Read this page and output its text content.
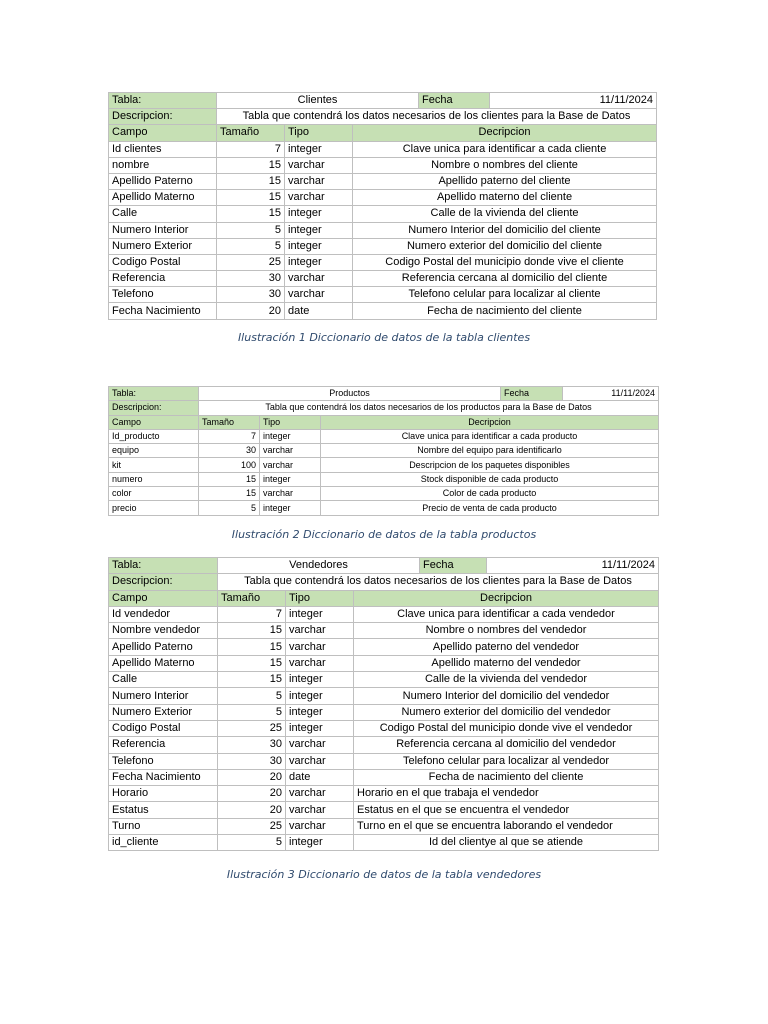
Tabla:	Clientes			Fecha	11/11/2024
Descripcion:	Tabla que contendrá los datos necesarios de los clientes para la Base de Datos				
Campo	Tamaño	Tipo	Decripcion		
Id clientes	7	integer	Clave unica para identificar a cada cliente		
nombre	15	varchar	Nombre o nombres del cliente		
Apellido Paterno	15	varchar	Apellido paterno del cliente		
Apellido Materno	15	varchar	Apellido materno del cliente		
Calle	15	integer	Calle de la vivienda del cliente		
Numero Interior	5	integer	Numero Interior del domicilio del cliente		
Numero Exterior	5	integer	Numero exterior del domicilio del cliente		
Codigo Postal	25	integer	Codigo Postal del municipio donde vive el cliente		
Referencia	30	varchar	Referencia cercana al domicilio del cliente		
Telefono	30	varchar	Telefono celular para localizar al cliente		
Fecha Nacimiento	20	date	Fecha de nacimiento del cliente		
Ilustración 1 Diccionario de datos de la tabla clientes
Tabla:	Productos			Fecha	11/11/2024
Descripcion:	Tabla que contendrá los datos necesarios de los productos para la Base de Datos				
Campo	Tamaño	Tipo	Decripcion		
Id_producto	7	integer	Clave unica para identificar a cada producto		
equipo	30	varchar	Nombre del equipo para identificarlo		
kit	100	varchar	Descripcion de los paquetes disponibles		
numero	15	integer	Stock disponible de cada producto		
color	15	varchar	Color de cada producto		
precio	5	integer	Precio de venta de cada producto		
Ilustración 2 Diccionario de datos de la tabla productos
Tabla:	Vendedores			Fecha	11/11/2024
Descripcion:	Tabla que contendrá los datos necesarios de los clientes para la Base de Datos				
Campo	Tamaño	Tipo	Decripcion		
Id vendedor	7	integer	Clave unica para identificar a cada vendedor		
Nombre vendedor	15	varchar	Nombre o nombres del vendedor		
Apellido Paterno	15	varchar	Apellido paterno del vendedor		
Apellido Materno	15	varchar	Apellido materno del vendedor		
Calle	15	integer	Calle de la vivienda del vendedor		
Numero Interior	5	integer	Numero Interior del domicilio del vendedor		
Numero Exterior	5	integer	Numero exterior del domicilio del vendedor		
Codigo Postal	25	integer	Codigo Postal del municipio donde vive el vendedor		
Referencia	30	varchar	Referencia cercana al domicilio del vendedor		
Telefono	30	varchar	Telefono celular para localizar al vendedor		
Fecha Nacimiento	20	date	Fecha de nacimiento del cliente		
Horario	20	varchar	Horario en el que trabaja el vendedor		
Estatus	20	varchar	Estatus en el que se encuentra el vendedor		
Turno	25	varchar	Turno en el que se encuentra laborando el vendedor		
id_cliente	5	integer	Id del clientye al que se atiende		
Ilustración 3 Diccionario de datos de la tabla vendedores
